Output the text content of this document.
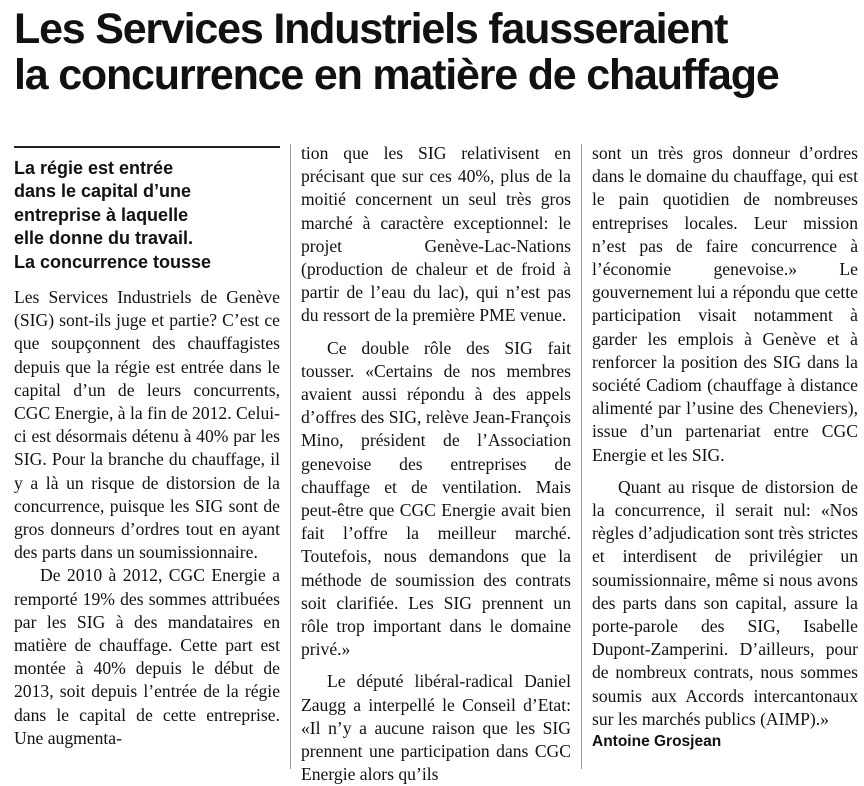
Les Services Industriels fausseraient
la concurrence en matière de chauffage
La régie est entrée
dans le capital d’une
entreprise à laquelle
elle donne du travail.
La concurrence tousse

Les Services Industriels de Genève (SIG) sont-ils juge et partie? C’est ce que soupçonnent des chauffagistes depuis que la régie est entrée dans le capital d’un de leurs concurrents, CGC Energie, à la fin de 2012. Celui-ci est désormais détenu à 40% par les SIG. Pour la branche du chauffage, il y a là un risque de distorsion de la concurrence, puisque les SIG sont de gros donneurs d’ordres tout en ayant des parts dans un soumissionnaire.

De 2010 à 2012, CGC Energie a remporté 19% des sommes attribuées par les SIG à des mandataires en matière de chauffage. Cette part est montée à 40% depuis le début de 2013, soit depuis l’entrée de la régie dans le capital de cette entreprise. Une augmenta-

tion que les SIG relativisent en précisant que sur ces 40%, plus de la moitié concernent un seul très gros marché à caractère exceptionnel: le projet Genève-Lac-Nations (production de chaleur et de froid à partir de l’eau du lac), qui n’est pas du ressort de la première PME venue.

Ce double rôle des SIG fait tousser. «Certains de nos membres avaient aussi répondu à des appels d’offres des SIG, relève Jean-François Mino, président de l’Association genevoise des entreprises de chauffage et de ventilation. Mais peut-être que CGC Energie avait bien fait l’offre la meilleur marché. Toutefois, nous demandons que la méthode de soumission des contrats soit clarifiée. Les SIG prennent un rôle trop important dans le domaine privé.»

Le député libéral-radical Daniel Zaugg a interpellé le Conseil d’Etat: «Il n’y a aucune raison que les SIG prennent une participation dans CGC Energie alors qu’ils

sont un très gros donneur d’ordres dans le domaine du chauffage, qui est le pain quotidien de nombreuses entreprises locales. Leur mission n’est pas de faire concurrence à l’économie genevoise.» Le gouvernement lui a répondu que cette participation visait notamment à garder les emplois à Genève et à renforcer la position des SIG dans la société Cadiom (chauffage à distance alimenté par l’usine des Cheneviers), issue d’un partenariat entre CGC Energie et les SIG.

Quant au risque de distorsion de la concurrence, il serait nul: «Nos règles d’adjudication sont très strictes et interdisent de privilégier un soumissionnaire, même si nous avons des parts dans son capital, assure la porte-parole des SIG, Isabelle Dupont-Zamperini. D’ailleurs, pour de nombreux contrats, nous sommes soumis aux Accords intercantonaux sur les marchés publics (AIMP).»

Antoine Grosjean
